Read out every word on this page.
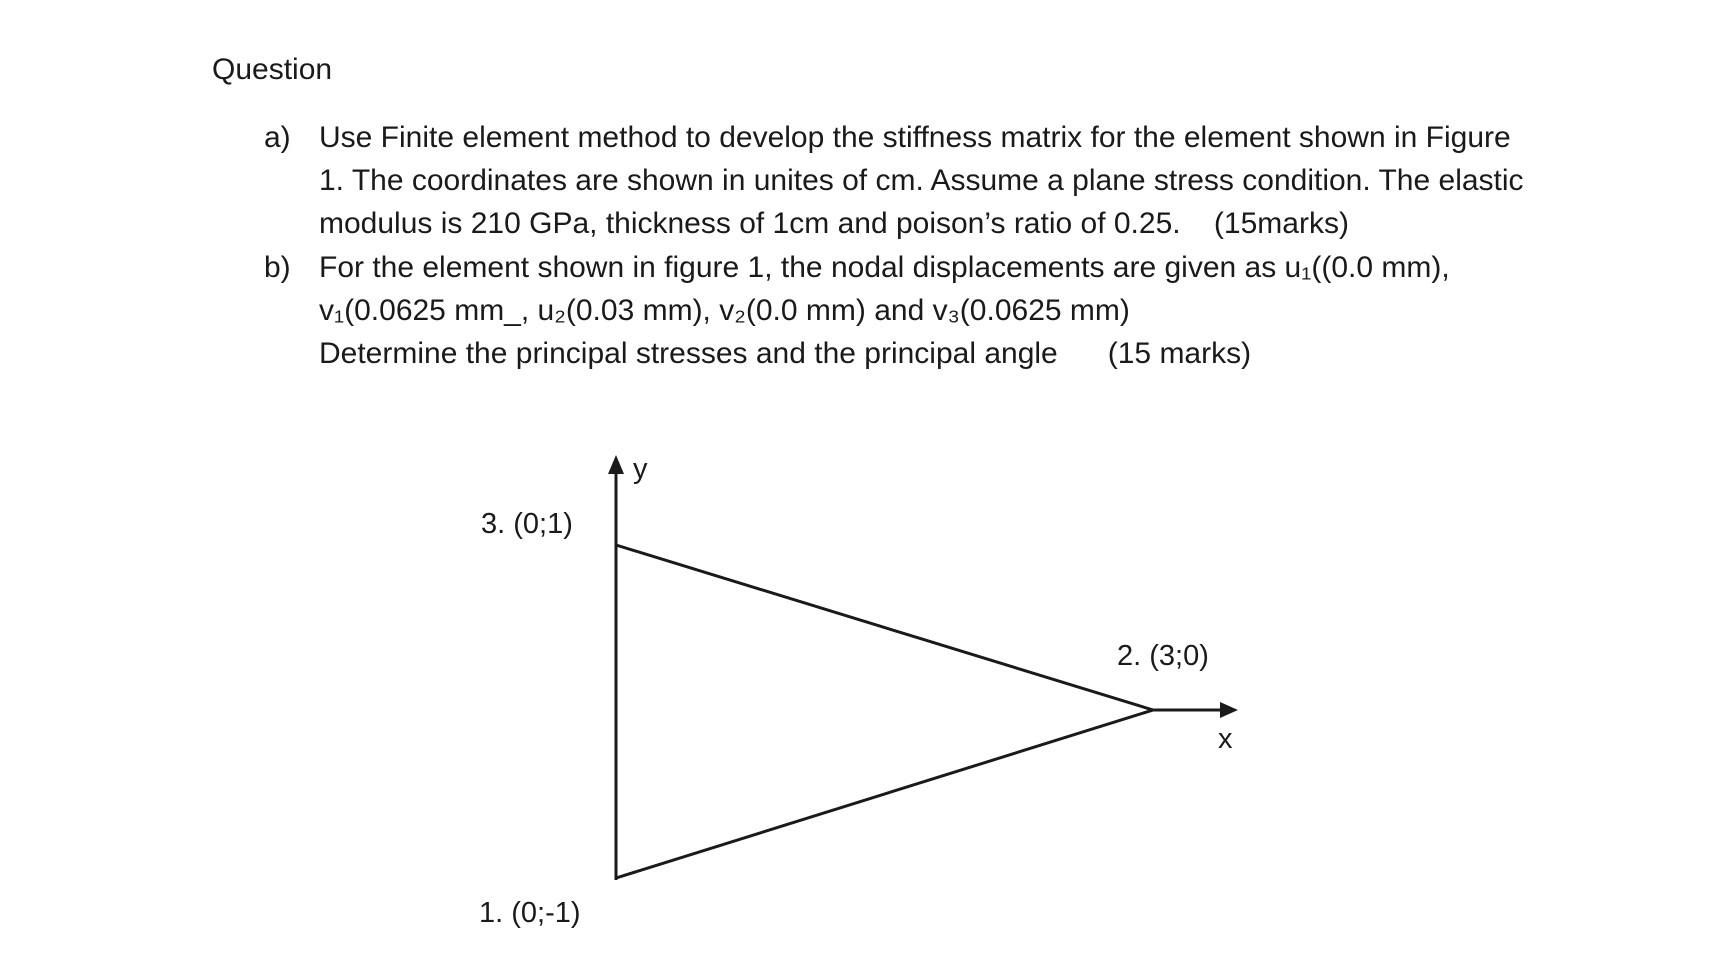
Question
a) Use Finite element method to develop the stiffness matrix for the element shown in Figure
1. The coordinates are shown in unites of cm. Assume a plane stress condition. The elastic
modulus is 210 GPa, thickness of 1cm and poison’s ratio of 0.25.    (15marks)
b) For the element shown in figure 1, the nodal displacements are given as u₁((0.0 mm),
v₁(0.0625 mm_, u₂(0.03 mm), v₂(0.0 mm) and v₃(0.0625 mm)
Determine the principal stresses and the principal angle      (15 marks)
y
x
3. (0;1)
2. (3;0)
1. (0;-1)
